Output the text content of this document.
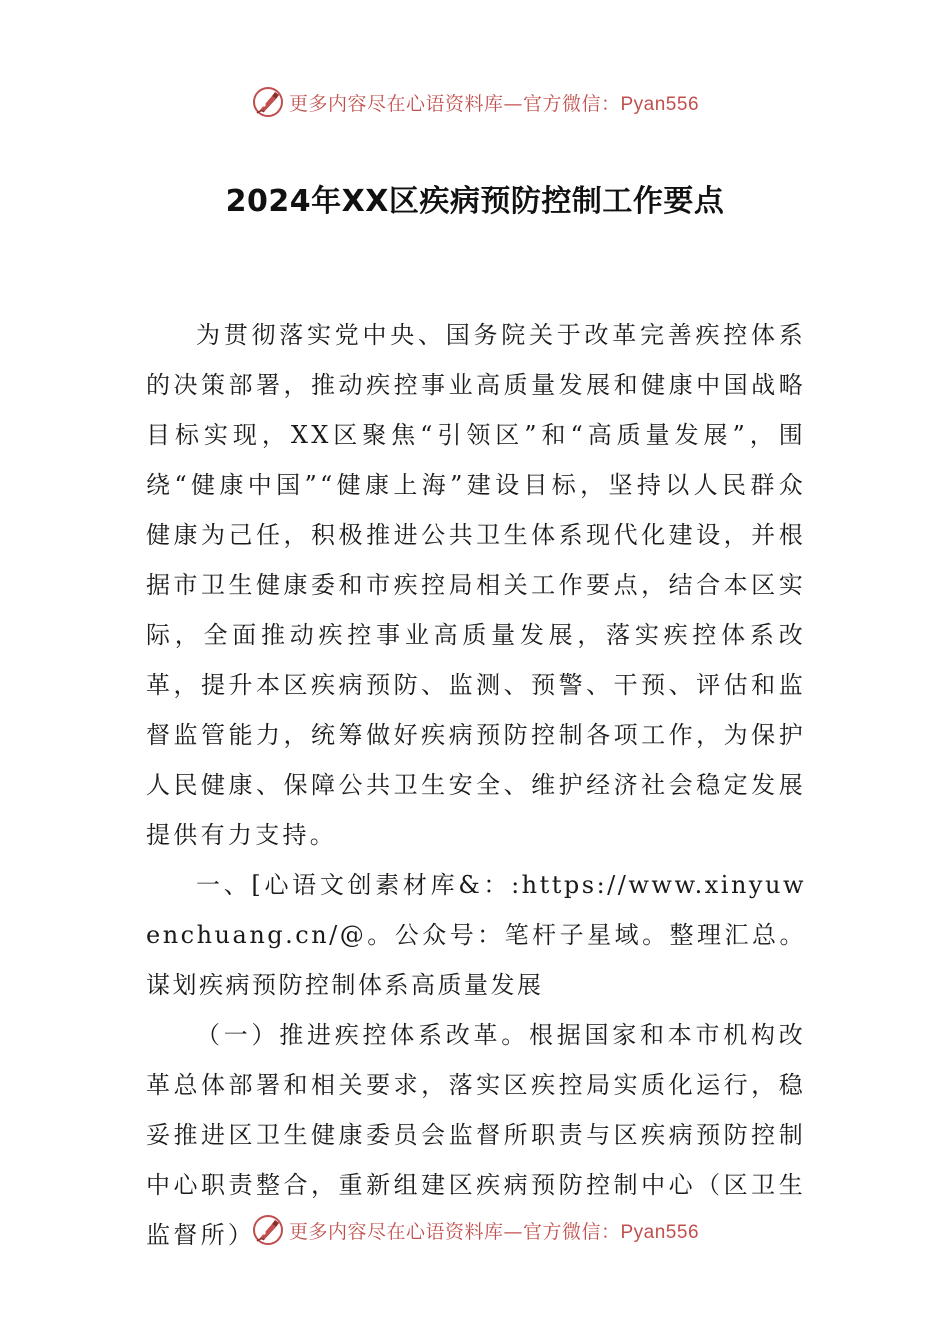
更多内容尽在心语资料库—官方微信：Pyan556
2024年XX区疾病预防控制工作要点

为贯彻落实党中央、国务院关于改革完善疾控体系的决策部署，推动疾控事业高质量发展和健康中国战略目标实现，XX区聚焦“引领区”和“高质量发展”，围绕“健康中国”“健康上海”建设目标，坚持以人民群众健康为己任，积极推进公共卫生体系现代化建设，并根据市卫生健康委和市疾控局相关工作要点，结合本区实际，全面推动疾控事业高质量发展，落实疾控体系改革，提升本区疾病预防、监测、预警、干预、评估和监督监管能力，统筹做好疾病预防控制各项工作，为保护人民健康、保障公共卫生安全、维护经济社会稳定发展提供有力支持。

一、[心语文创素材库&：:https://www.xinyuwenchuang.cn/@。公众号：笔杆子星域。整理汇总。谋划疾病预防控制体系高质量发展

（一）推进疾控体系改革。根据国家和本市机构改革总体部署和相关要求，落实区疾控局实质化运行，稳妥推进区卫生健康委员会监督所职责与区疾病预防控制中心职责整合，重新组建区疾病预防控制中心（区卫生监督所）	更多内容尽在心语资料库—官方微信：Pyan556
